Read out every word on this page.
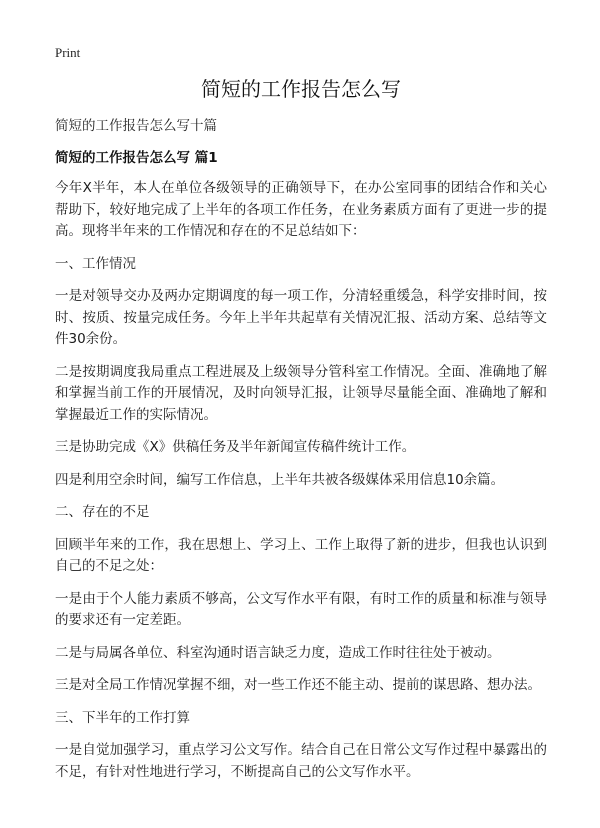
Print
简短的工作报告怎么写
简短的工作报告怎么写十篇
简短的工作报告怎么写 篇1

今年X半年，本人在单位各级领导的正确领导下，在办公室同事的团结合作和关心帮助下，较好地完成了上半年的各项工作任务，在业务素质方面有了更进一步的提高。现将半年来的工作情况和存在的不足总结如下：

一、工作情况

一是对领导交办及两办定期调度的每一项工作，分清轻重缓急，科学安排时间，按时、按质、按量完成任务。今年上半年共起草有关情况汇报、活动方案、总结等文件30余份。

二是按期调度我局重点工程进展及上级领导分管科室工作情况。全面、准确地了解和掌握当前工作的开展情况，及时向领导汇报，让领导尽量能全面、准确地了解和掌握最近工作的实际情况。

三是协助完成《X》供稿任务及半年新闻宣传稿件统计工作。

四是利用空余时间，编写工作信息，上半年共被各级媒体采用信息10余篇。

二、存在的不足

回顾半年来的工作，我在思想上、学习上、工作上取得了新的进步，但我也认识到自己的不足之处：

一是由于个人能力素质不够高，公文写作水平有限，有时工作的质量和标准与领导的要求还有一定差距。

二是与局属各单位、科室沟通时语言缺乏力度，造成工作时往往处于被动。

三是对全局工作情况掌握不细，对一些工作还不能主动、提前的谋思路、想办法。

三、下半年的工作打算

一是自觉加强学习，重点学习公文写作。结合自己在日常公文写作过程中暴露出的不足，有针对性地进行学习，不断提高自己的公文写作水平。
